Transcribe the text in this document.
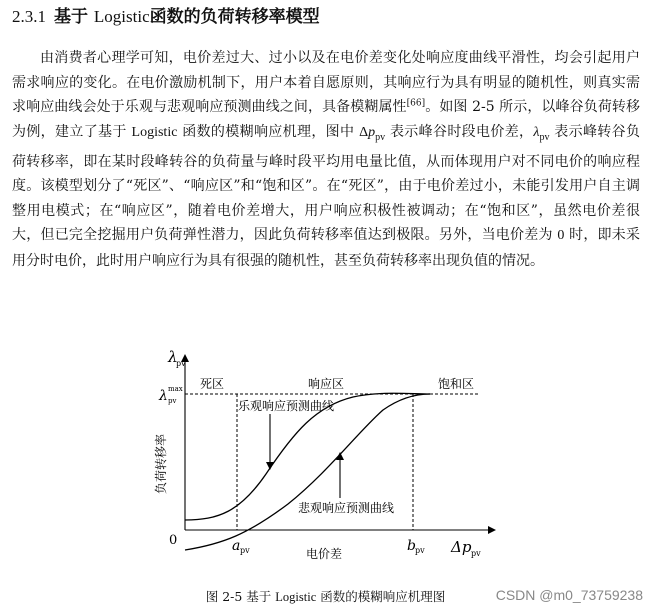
2.3.1 基于 Logistic函数的负荷转移率模型

由消费者心理学可知，电价差过大、过小以及在电价差变化处响应度曲线平滑性，均会引起用户需求响应的变化。在电价激励机制下，用户本着自愿原则，其响应行为具有明显的随机性，则真实需求响应曲线会处于乐观与悲观响应预测曲线之间，具备模糊属性[66]。如图 2-5 所示，以峰谷负荷转移为例，建立了基于 Logistic 函数的模糊响应机理，图中 $\Delta p_{pv}$ 表示峰谷时段电价差，$\lambda_{pv}$ 表示峰转谷负荷转移率，即在某时段峰转谷的负荷量与峰时段平均用电量比值，从而体现用户对不同电价的响应程度。该模型划分了“死区”、“响应区”和“饱和区”。在“死区”，由于电价差过小，未能引发用户自主调整用电模式；在“响应区”，随着电价差增大，用户响应积极性被调动；在“饱和区”，虽然电价差很大，但已完全挖掘用户负荷弹性潜力，因此负荷转移率值达到极限。另外，当电价差为 0 时，即未采用分时电价，此时用户响应行为具有很强的随机性，甚至负荷转移率出现负值的情况。

λ
pv
λ max
pv
负荷转移率
死区	响应区	饱和区
乐观响应预测曲线
悲观响应预测曲线
0	a pv	b pv
电价差	Δp pv
图 2-5 基于 Logistic 函数的模糊响应机理图	CSDN @m0_73759238
